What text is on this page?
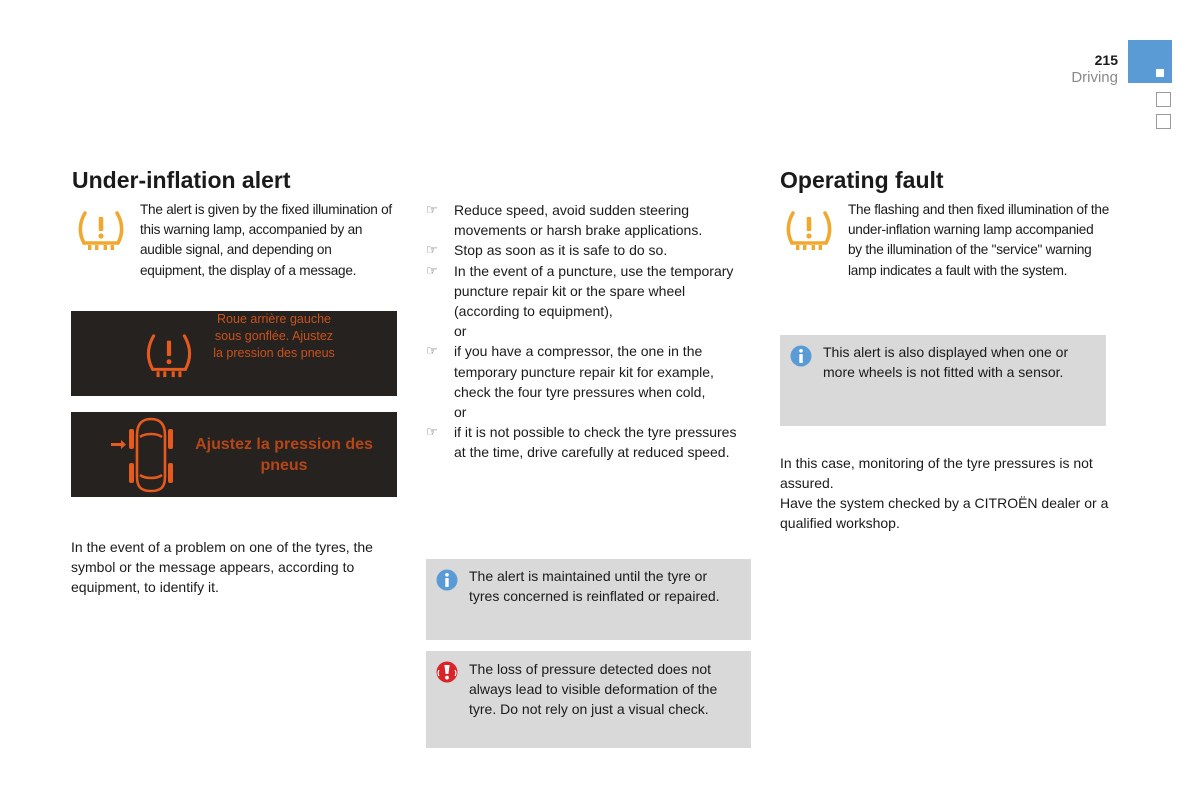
215
Driving
Under-inflation alert
The alert is given by the fixed illumination of this warning lamp, accompanied by an audible signal, and depending on equipment, the display of a message.
Roue arrière gauche sous gonflée. Ajustez la pression des pneus
Ajustez la pression des pneus
In the event of a problem on one of the tyres, the symbol or the message appears, according to equipment, to identify it.
☞ Reduce speed, avoid sudden steering movements or harsh brake applications.
☞ Stop as soon as it is safe to do so.
☞ In the event of a puncture, use the temporary puncture repair kit or the spare wheel (according to equipment),
or
☞ if you have a compressor, the one in the temporary puncture repair kit for example, check the four tyre pressures when cold,
or
☞ if it is not possible to check the tyre pressures at the time, drive carefully at reduced speed.
The alert is maintained until the tyre or tyres concerned is reinflated or repaired.
The loss of pressure detected does not always lead to visible deformation of the tyre. Do not rely on just a visual check.
Operating fault
The flashing and then fixed illumination of the under-inflation warning lamp accompanied by the illumination of the "service" warning lamp indicates a fault with the system.
This alert is also displayed when one or more wheels is not fitted with a sensor.
In this case, monitoring of the tyre pressures is not assured.
Have the system checked by a CITROËN dealer or a qualified workshop.
